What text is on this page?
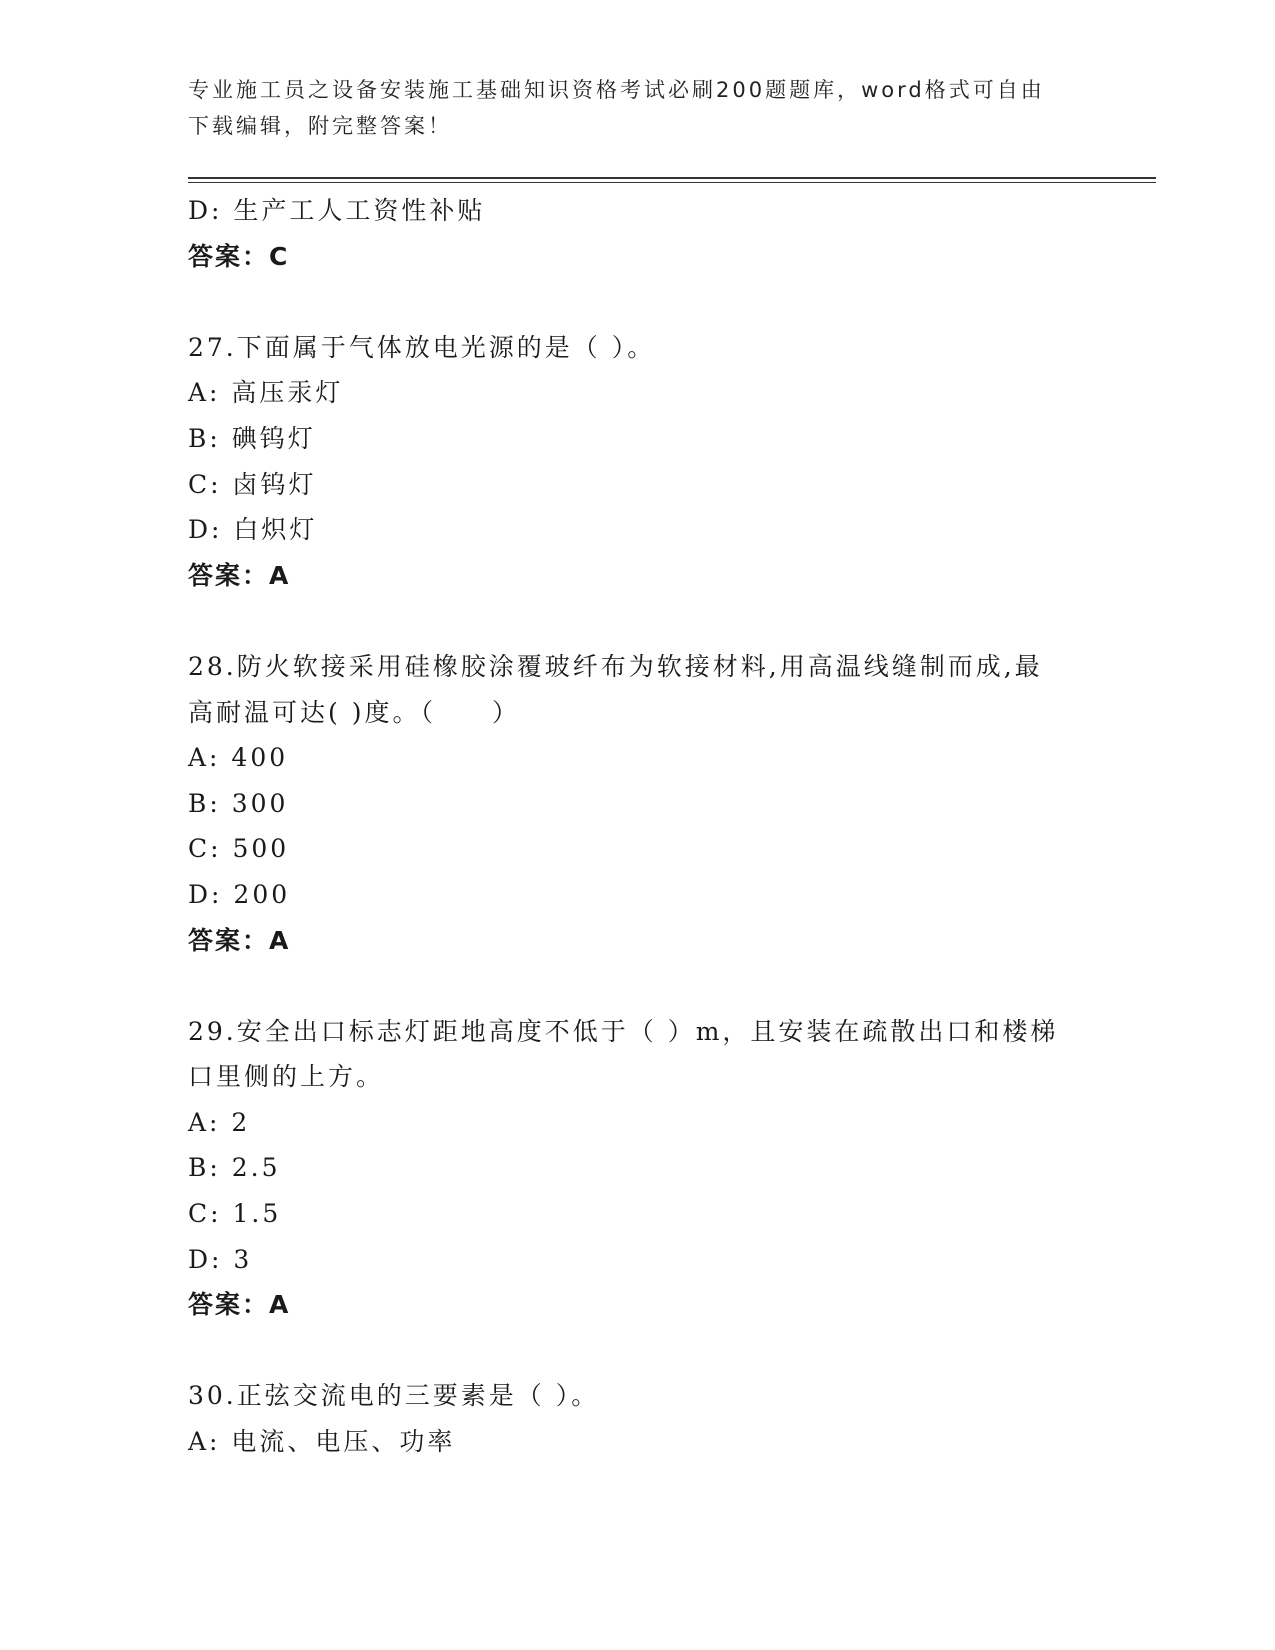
专业施工员之设备安装施工基础知识资格考试必刷200题题库，word格式可自由
下载编辑，附完整答案！
D: 生产工人工资性补贴
答案：C
27.下面属于气体放电光源的是（ ）。
A: 高压汞灯
B: 碘钨灯
C: 卤钨灯
D: 白炽灯
答案：A
28.防火软接采用硅橡胶涂覆玻纤布为软接材料,用高温线缝制而成,最
高耐温可达( )度。（　　）
A: 400
B: 300
C: 500
D: 200
答案：A
29.安全出口标志灯距地高度不低于（ ）m，且安装在疏散出口和楼梯
口里侧的上方。
A: 2
B: 2.5
C: 1.5
D: 3
答案：A
30.正弦交流电的三要素是（ ）。
A: 电流、电压、功率
